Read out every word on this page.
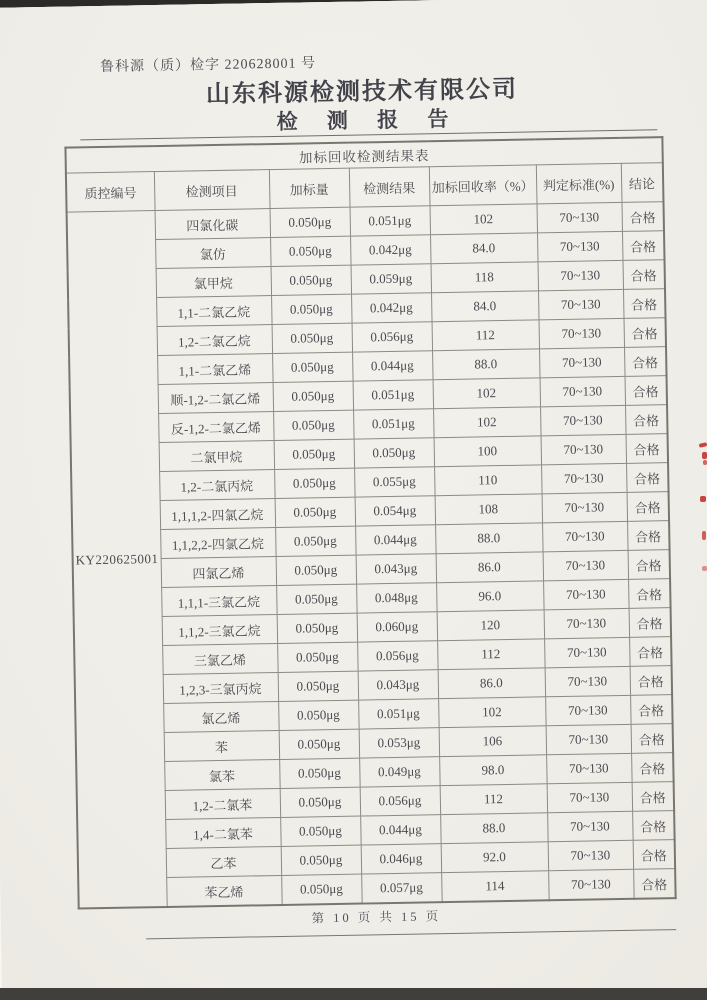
鲁科源（质）检字 220628001 号
山东科源检测技术有限公司
检 测 报 告
加标回收检测结果表						
质控编号	检测项目	加标量	检测结果	加标回收率（%）	判定标准(%)	结论
KY220625001	四氯化碳	0.050μg	0.051μg	102	70~130	合格
	氯仿	0.050μg	0.042μg	84.0	70~130	合格
	氯甲烷	0.050μg	0.059μg	118	70~130	合格
	1,1-二氯乙烷	0.050μg	0.042μg	84.0	70~130	合格
	1,2-二氯乙烷	0.050μg	0.056μg	112	70~130	合格
	1,1-二氯乙烯	0.050μg	0.044μg	88.0	70~130	合格
	顺-1,2-二氯乙烯	0.050μg	0.051μg	102	70~130	合格
	反-1,2-二氯乙烯	0.050μg	0.051μg	102	70~130	合格
	二氯甲烷	0.050μg	0.050μg	100	70~130	合格
	1,2-二氯丙烷	0.050μg	0.055μg	110	70~130	合格
	1,1,1,2-四氯乙烷	0.050μg	0.054μg	108	70~130	合格
	1,1,2,2-四氯乙烷	0.050μg	0.044μg	88.0	70~130	合格
	四氯乙烯	0.050μg	0.043μg	86.0	70~130	合格
	1,1,1-三氯乙烷	0.050μg	0.048μg	96.0	70~130	合格
	1,1,2-三氯乙烷	0.050μg	0.060μg	120	70~130	合格
	三氯乙烯	0.050μg	0.056μg	112	70~130	合格
	1,2,3-三氯丙烷	0.050μg	0.043μg	86.0	70~130	合格
	氯乙烯	0.050μg	0.051μg	102	70~130	合格
	苯	0.050μg	0.053μg	106	70~130	合格
	氯苯	0.050μg	0.049μg	98.0	70~130	合格
	1,2-二氯苯	0.050μg	0.056μg	112	70~130	合格
	1,4-二氯苯	0.050μg	0.044μg	88.0	70~130	合格
	乙苯	0.050μg	0.046μg	92.0	70~130	合格
	苯乙烯	0.050μg	0.057μg	114	70~130	合格
第 10 页 共 15 页
